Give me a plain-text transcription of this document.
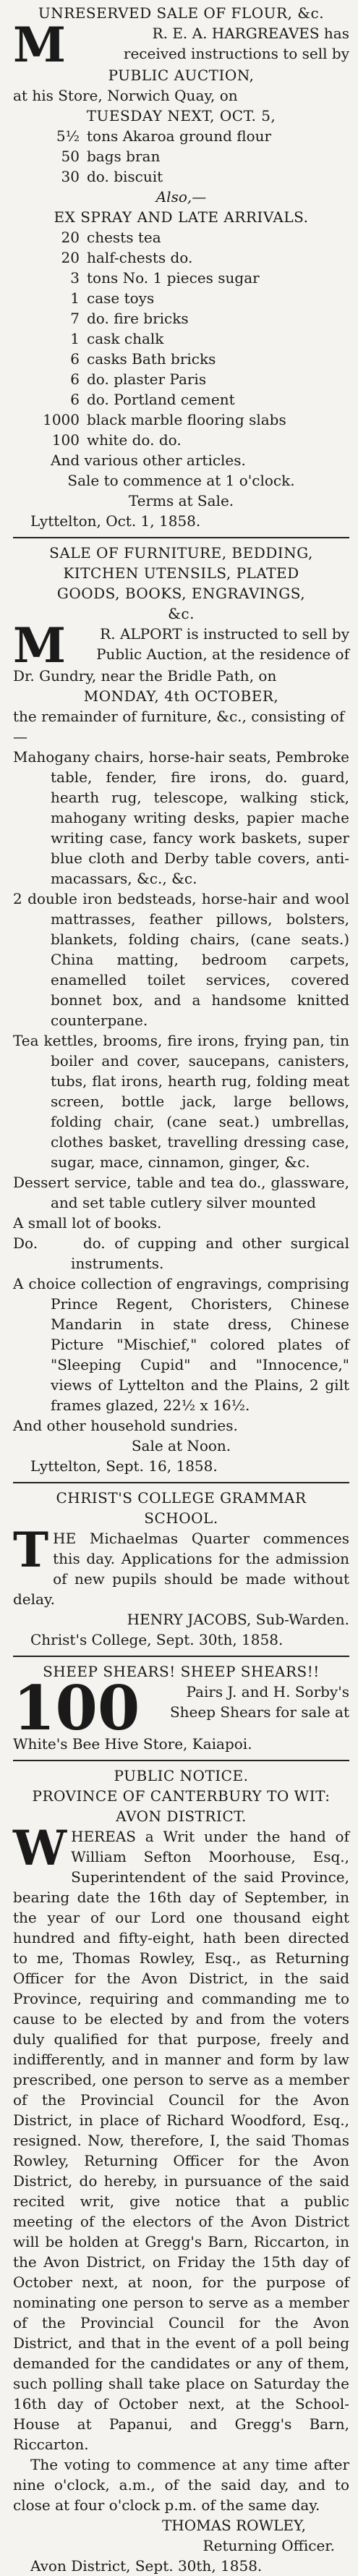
UNRESERVED SALE OF FLOUR, &c.
M	R. E. A. HARGREAVES has
received instructions to sell by
PUBLIC AUCTION,
at his Store, Norwich Quay, on
TUESDAY NEXT, OCT. 5,
5½ tons Akaroa ground flour
50 bags bran
30 do. biscuit
Also,—
EX SPRAY AND LATE ARRIVALS.
20 chests tea
20 half-chests do.
3 tons No. 1 pieces sugar
1 case toys
7 do. fire bricks
1 cask chalk
6 casks Bath bricks
6 do. plaster Paris
6 do. Portland cement
1000 black marble flooring slabs
100 white do. do.
And various other articles.
Sale to commence at 1 o'clock.
Terms at Sale.
Lyttelton, Oct. 1, 1858.
SALE OF FURNITURE, BEDDING,
KITCHEN UTENSILS, PLATED
GOODS, BOOKS, ENGRAVINGS,
&c.
M	R. ALPORT is instructed to sell by
Public Auction, at the residence of
Dr. Gundry, near the Bridle Path, on
MONDAY, 4th OCTOBER,
the remainder of furniture, &c., consisting of—

Mahogany chairs, horse-hair seats, Pembroke table, fender, fire irons, do. guard, hearth rug, telescope, walking stick, mahogany writing desks, papier mache writing case, fancy work baskets, super blue cloth and Derby table covers, anti-macassars, &c., &c.

2 double iron bedsteads, horse-hair and wool mattrasses, feather pillows, bolsters, blankets, folding chairs, (cane seats.) China matting, bedroom carpets, enamelled toilet services, covered bonnet box, and a handsome knitted counterpane.

Tea kettles, brooms, fire irons, frying pan, tin boiler and cover, saucepans, canisters, tubs, flat irons, hearth rug, folding meat screen, bottle jack, large bellows, folding chair, (cane seat.) umbrellas, clothes basket, travelling dressing case, sugar, mace, cinnamon, ginger, &c.

Dessert service, table and tea do., glassware, and set table cutlery silver mounted

A small lot of books.

Do.     do. of cupping and other surgical instruments.

A choice collection of engravings, comprising Prince Regent, Choristers, Chinese Mandarin in state dress, Chinese Picture "Mischief," colored plates of "Sleeping Cupid" and "Innocence," views of Lyttelton and the Plains, 2 gilt frames glazed, 22½ x 16½.

And other household sundries.

Sale at Noon.
Lyttelton, Sept. 16, 1858.
CHRIST'S COLLEGE GRAMMAR
SCHOOL.
T HE Michaelmas Quarter commences this day. Applications for the admission of new pupils should be made without delay.
HENRY JACOBS, Sub-Warden.
Christ's College, Sept. 30th, 1858.
SHEEP SHEARS! SHEEP SHEARS!!
100	Pairs J. and H. Sorby's
Sheep Shears for sale at
White's Bee Hive Store, Kaiapoi.
PUBLIC NOTICE.
PROVINCE OF CANTERBURY TO WIT:
AVON DISTRICT.
W HEREAS a Writ under the hand of William Sefton Moorhouse, Esq., Superintendent of the said Province, bearing date the 16th day of September, in the year of our Lord one thousand eight hundred and fifty-eight, hath been directed to me, Thomas Rowley, Esq., as Returning Officer for the Avon District, in the said Province, requiring and commanding me to cause to be elected by and from the voters duly qualified for that purpose, freely and indifferently, and in manner and form by law prescribed, one person to serve as a member of the Provincial Council for the Avon District, in place of Richard Woodford, Esq., resigned. Now, therefore, I, the said Thomas Rowley, Returning Officer for the Avon District, do hereby, in pursuance of the said recited writ, give notice that a public meeting of the electors of the Avon District will be holden at Gregg's Barn, Riccarton, in the Avon District, on Friday the 15th day of October next, at noon, for the purpose of nominating one person to serve as a member of the Provincial Council for the Avon District, and that in the event of a poll being demanded for the candidates or any of them, such polling shall take place on Saturday the 16th day of October next, at the School-House at Papanui, and Gregg's Barn, Riccarton.

The voting to commence at any time after nine o'clock, a.m., of the said day, and to close at four o'clock p.m. of the same day.

THOMAS ROWLEY,
Returning Officer.
Avon District, Sept. 30th, 1858.
